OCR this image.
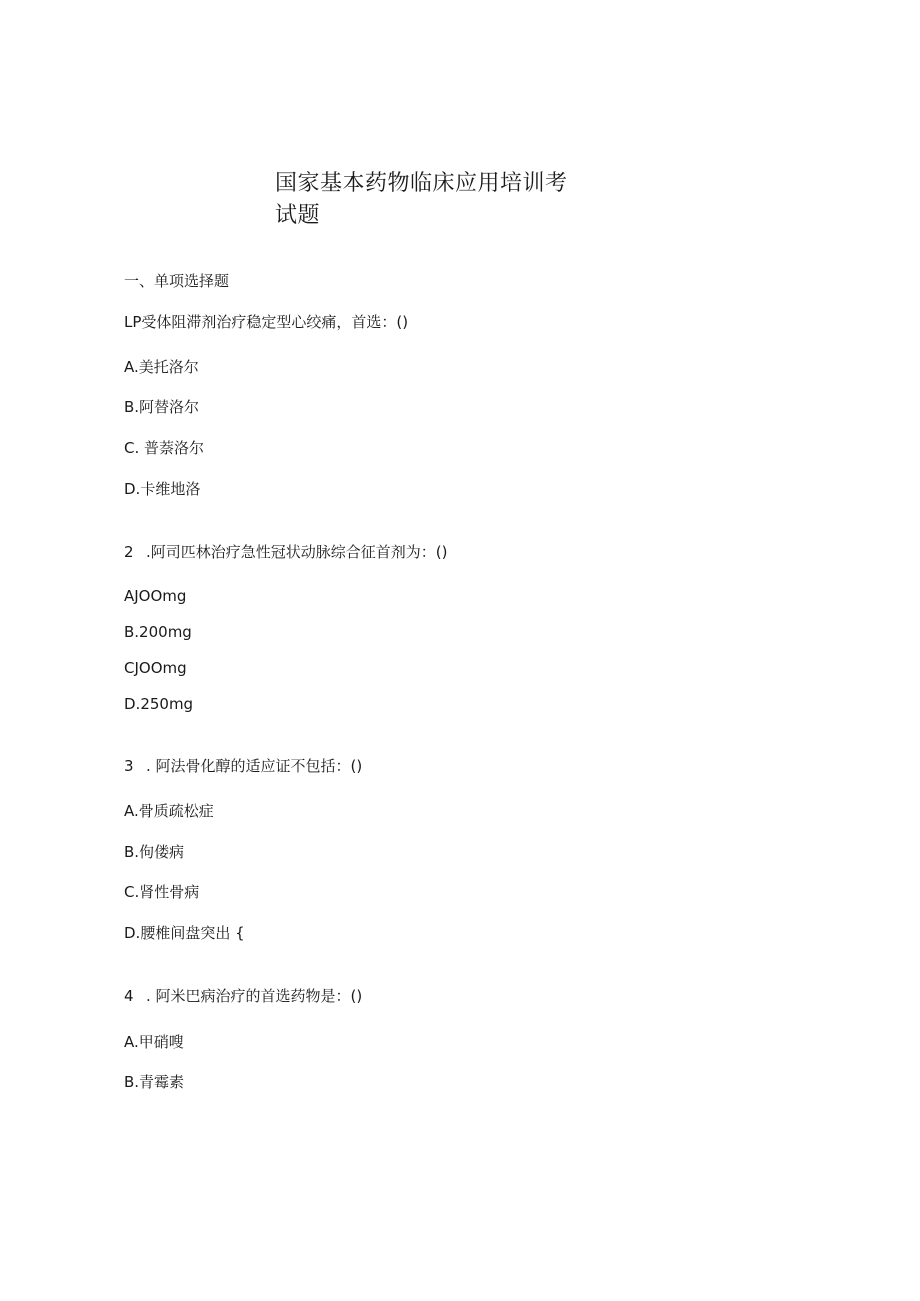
国家基本药物临床应用培训考
试题

一、单项选择题

LP受体阻滞剂治疗稳定型心绞痛，首选：()

A.美托洛尔

B.阿替洛尔

C. 普萘洛尔

D.卡维地洛

2 .阿司匹林治疗急性冠状动脉综合征首剂为：()

AJOOmg

B.200mg

CJOOmg

D.250mg

3 . 阿法骨化醇的适应证不包括：()

A.骨质疏松症

B.佝偻病

C.肾性骨病

D.腰椎间盘突出 {

4 . 阿米巴病治疗的首选药物是：()

A.甲硝嗖

B.青霉素
